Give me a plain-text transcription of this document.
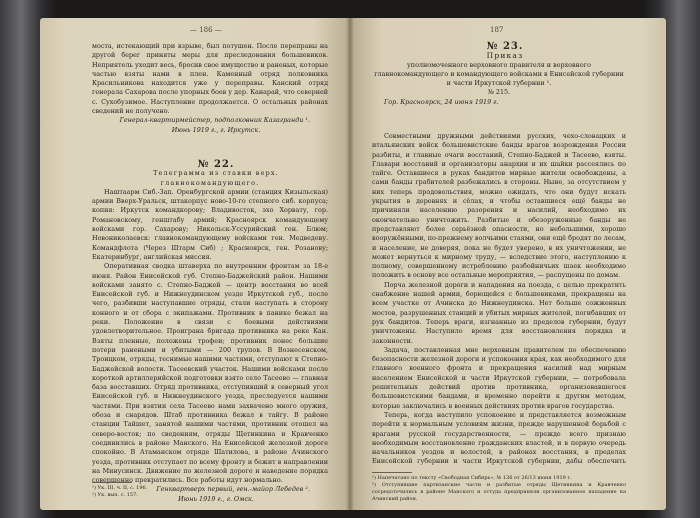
— 186 —

моста, истекающий при взрыве, был потушен. После переправы на другой берег приняты меры для преследования большевиков. Неприятель уходит весь, бросив свое имущество и раненых, которые частью взяты нами в плен. Каменный отряд полковника Красильникова находится уже у переправы. Канский отряд генерала Сахарова после упорных боев у дер. Канарай, что северней с. Сухобузимое. Наступление продолжается. О остальных районах сведений не получено.

Генерал-квартирмейстер, подполковник Казагранди ¹.

Июнь 1919 г., г. Иркутск.

№ 22.

Телеграмма из ставки верх. главнокомандующего.

Наштаарм Сиб.-Зап. Оренбургской армии (станция Кизыльская) армии Вверх-Уральск, штакорпус ново-10-го степного сиб. корпуса; копия: Иркутск командкорову; Владивосток, эхо Хорвату, гор. Романовскому, генштабу армий; Красноярск командующему войсками гор. Сахарову; Никольск-Уссурийский ген. Блюм; Новониколаевск: главнокомандующему войсками ген. Медведеву. Командфлота (Через Штарм Сиб) ; Красноярск, ген. Розанову; Екатеринбург, английская миссия.

Оперативная сводка штаверха по внутренним фронтам за 18-е июня. Район Енисейской губ. Степно-Баджейский район. Нашими войсками занято с. Степно-Баджей — центр восстания во всей Енисейской губ. и Нижнеудинском уезде Иркутской губ., после чего, разбивши наступавшие отряды, стали наступать в сторону конного и от сбора с экипажами. Противник в панике бежал на реки. Положение в связи с боевыми действиями удовлетворительное. Проиграна бригада противника на реке Кан. Взяты пленные, положены трофеи; противник понес большие потери ранеными и убитыми — 200 трупов. В Вознесенском, Троицком, отряды, теснимые нашими частями, отступают к Степно-Баджейской волости. Тасеевский участок. Нашими войсками после короткой артиллерийской подготовки взято село Тасеево — главная база восставших. Отряд противника, отступивший в северный угол Енисейской губ. и Нижнеудинского уезда, преследуется нашими частями. При взятии села Тасеево нами захвачено много оружия, обоза и снарядов. Штаб противника бежал в тайгу. В районе станции Тайшет, занятой нашими частями, противник отошел на северо-восток; по сведениям, отряды Щетинкина и Кравченко соединились в районе Манского. На Енисейской железной дороге спокойно. В Атаманском отряде Шатилова, в районе Ачинского уезда, противник отступает по всему фронту и бежит в направлении на Минусинск. Движение по железной дороге и наведение порядка совершенно прекратились. Все работы идут нормально.

Генквартверх первый, ген.-майор Лебедев ².

Июнь 1919 г., г. Омск.

¹) Ук. III, ч. II, с. 196.
²) Ук. вып. с. 157.
187

№ 23.

Приказ

уполномоченного верховного правителя и верховного главнокомандующего и командующего войсками в Енисейской губернии и части Иркутской губернии ¹.

№ 215.

Гор. Красноярск, 24 июня 1919 г.

Совместными дружными действиями русских, чехо-словацких и итальянских войск большевистские банды врагов возрождения России разбиты, и главные очаги восстаний, Степно-Баджей и Тасеево, взяты. Главари восстаний и организаторы анархии и их шайки рассеялись по тайге. Оставшиеся в руках бандитов мирные жители освобождены, а сами банды грабителей разбежались в стороны. Ныне, за отсутствием у них теперь продовольствия, можно ожидать, что они будут искать укрытия в деревнях и сёлах, и чтобы оставшиеся ещё банды не причиняли населению разорения и насилий, необходимо их окончательно уничтожить. Разбитые и обезоруженные банды не представляют более серьёзной опасности, но небольшими, хорошо вооружёнными, по-прежнему волчьими стаями, они ещё бродят по лесам, и население, не доверяя, пока не будет уверено, в их уничтожении, не может вернуться к мирному труду, — вследствие этого, наступлению к полному, совершенному истреблению разбойничьих шаек необходимо положить в основу все остальные мероприятия, — распущены по домам.

Порча железной дороги и нападения на поезда, с целью прекратить снабжение нашей армии, борющейся с большевиками, прекращены на всем участке от Ачинска до Нижнеудинска. Нет больше сожженных мостов, разрушенных станций и убитых мирных жителей, погибавших от рук бандитов. Теперь враги, изгнанные из пределов губернии, будут уничтожены. Наступило время для восстановления порядка и законности.

Задача, поставленная мне верховным правителем по обеспечению безопасности железной дороги и успокоения края, как необходимого для главного военного фронта и прекращения насилий над мирным населением Енисейской и части Иркутской губернии, — потребовала решительных действий против противника, организовавшегося большевистскими бандами, и временно перейти к другим методам, которые заключались в военных действиях против врагов государства.

Теперь, когда наступило успокоение и представляется возможным перейти к нормальным условиям жизни, прежде нарушенной борьбой с врагами русской государственности, — прежде всего признаю необходимым восстановление гражданских властей, и в первую очередь начальников уездов и волостей, в районах восстания, в пределах Енисейской губернии и части Иркутской губернии, дабы обеспечить

¹) Напечатано по тексту «Свободная Сибирь», № 136 от 26/13 июня 1919 г.
²) Отступившие партизанские части и разбитые отряды Щетинкина и Кравченко сосредоточились в районе Манского и оттуда предприняли организованное нападение на Ачинский район.
